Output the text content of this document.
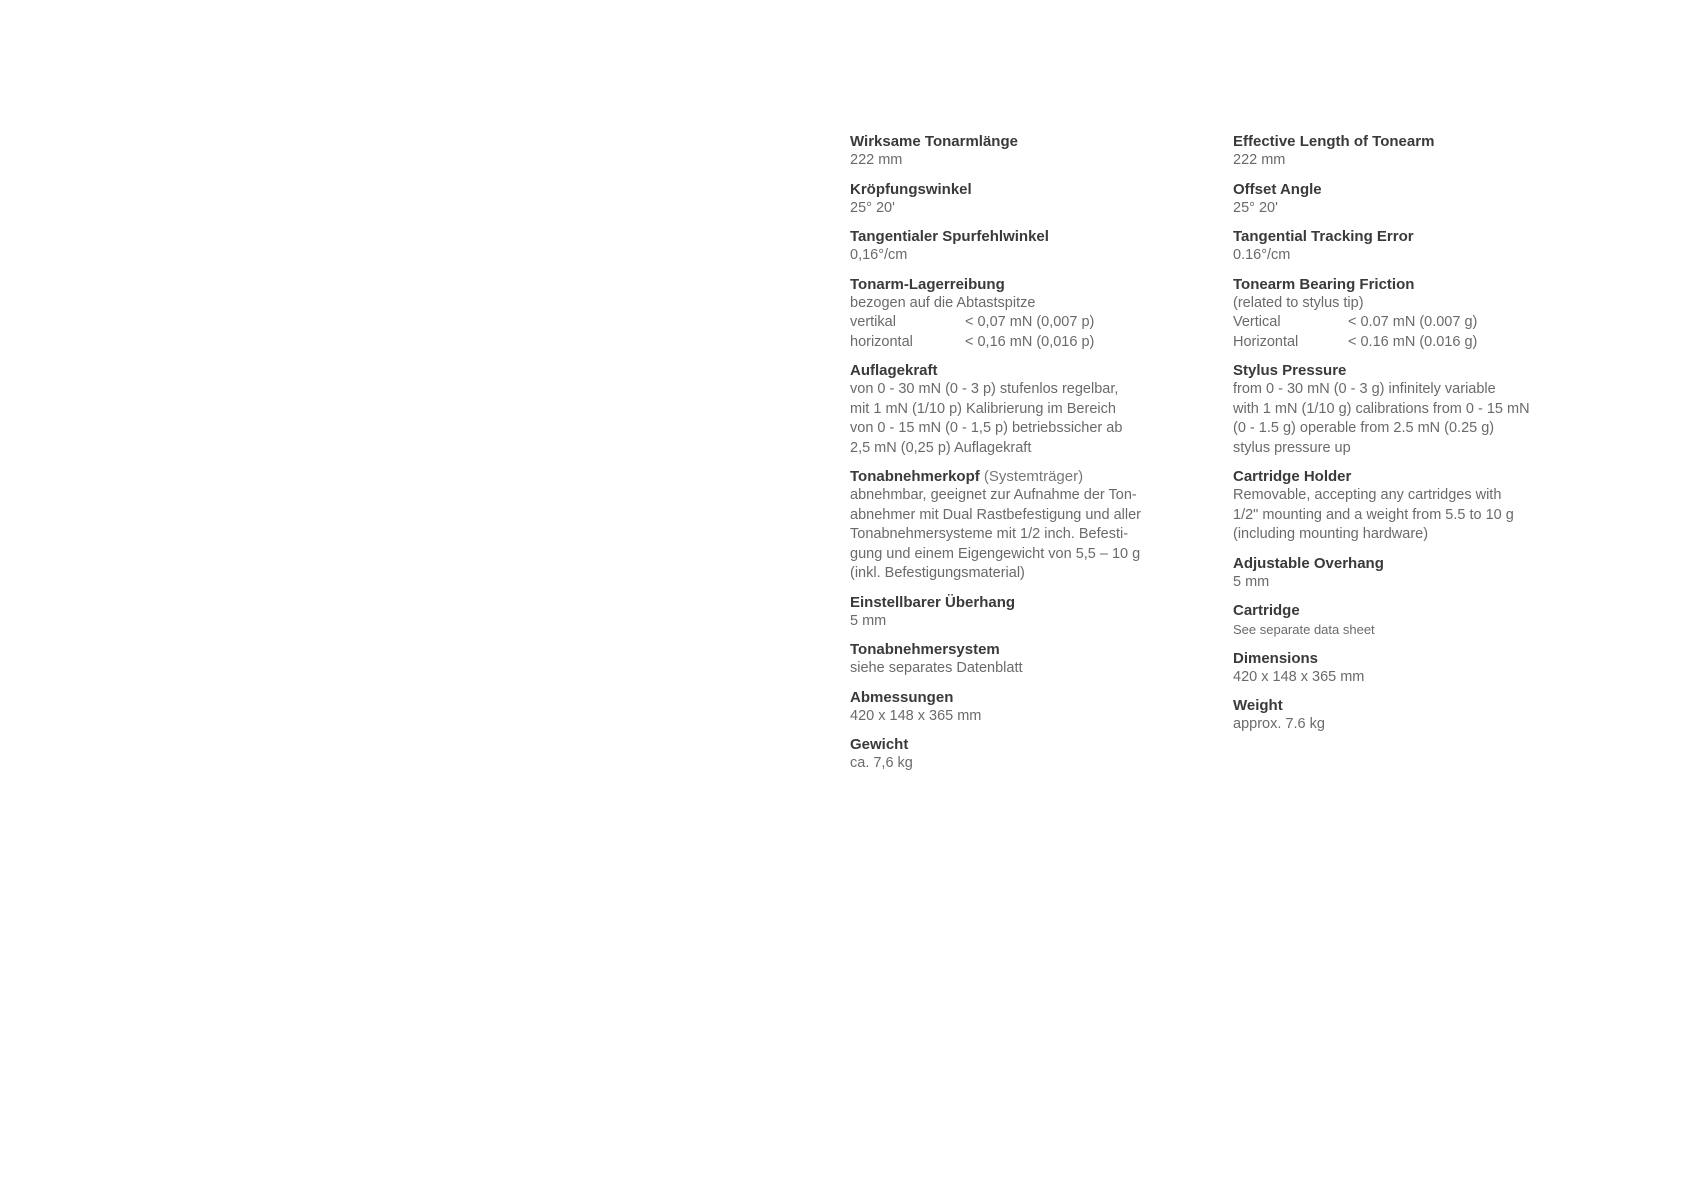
Wirksame Tonarmlänge
222 mm
Kröpfungswinkel
25° 20'
Tangentialer Spurfehlwinkel
0,16°/cm
Tonarm-Lagerreibung
bezogen auf die Abtastspitze
vertikal	< 0,07 mN (0,007 p)
horizontal	< 0,16 mN (0,016 p)
Auflagekraft
von 0 - 30 mN (0 - 3 p) stufenlos regelbar,
mit 1 mN (1/10 p) Kalibrierung im Bereich
von 0 - 15 mN (0 - 1,5 p) betriebssicher ab
2,5 mN (0,25 p) Auflagekraft
Tonabnehmerkopf (Systemträger)
abnehmbar, geeignet zur Aufnahme der Ton-
abnehmer mit Dual Rastbefestigung und aller
Tonabnehmersysteme mit 1/2 inch. Befesti-
gung und einem Eigengewicht von 5,5 – 10 g
(inkl. Befestigungsmaterial)
Einstellbarer Überhang
5 mm
Tonabnehmersystem
siehe separates Datenblatt
Abmessungen
420 x 148 x 365 mm
Gewicht
ca. 7,6 kg
Effective Length of Tonearm
222 mm
Offset Angle
25° 20'
Tangential Tracking Error
0.16°/cm
Tonearm Bearing Friction
(related to stylus tip)
Vertical	< 0.07 mN (0.007 g)
Horizontal	< 0.16 mN (0.016 g)
Stylus Pressure
from 0 - 30 mN (0 - 3 g) infinitely variable
with 1 mN (1/10 g) calibrations from 0 - 15 mN
(0 - 1.5 g) operable from 2.5 mN (0.25 g)
stylus pressure up
Cartridge Holder
Removable, accepting any cartridges with
1/2" mounting and a weight from 5.5 to 10 g
(including mounting hardware)
Adjustable Overhang
5 mm
Cartridge
See separate data sheet
Dimensions
420 x 148 x 365 mm
Weight
approx. 7.6 kg
